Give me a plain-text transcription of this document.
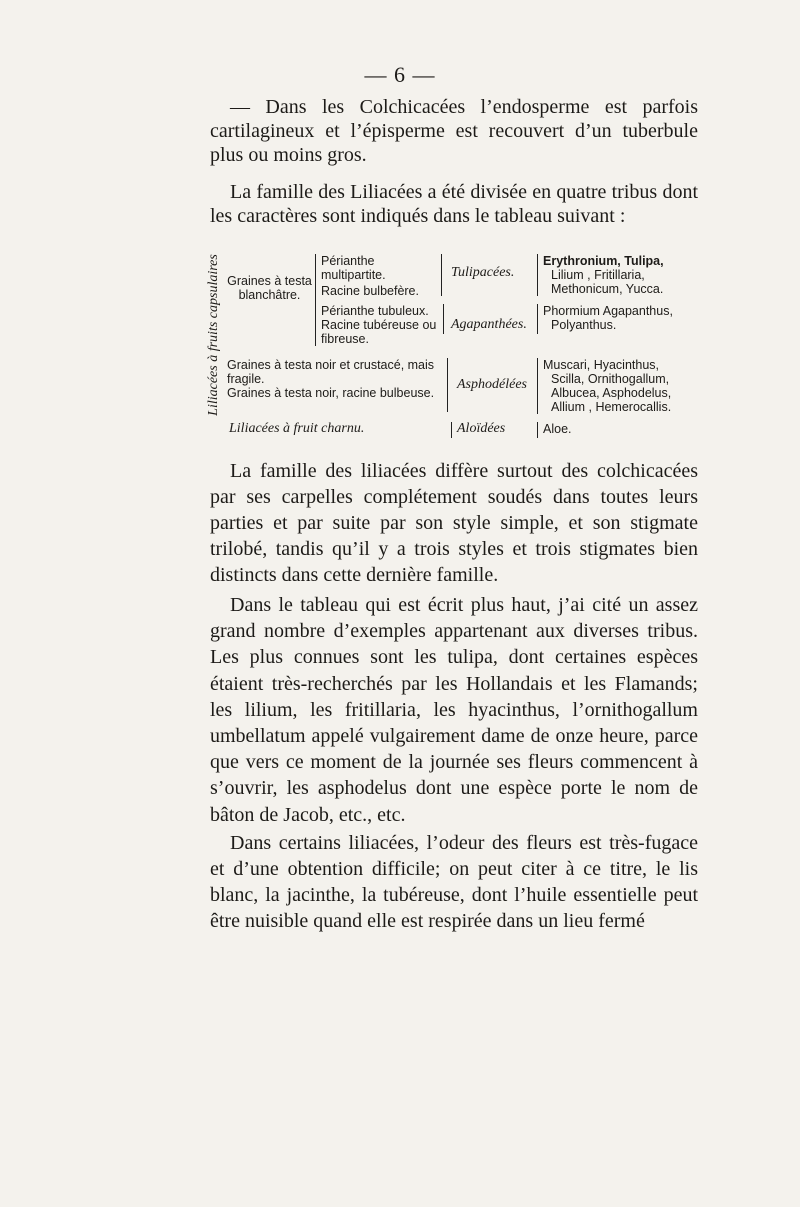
— 6 —

— Dans les Colchicacées l’endosperme est parfois cartilagineux et l’épisperme est recouvert d’un tuberbule plus ou moins gros.

La famille des Liliacées a été divisée en quatre tribus dont les caractères sont indiqués dans le tableau suivant :

Liliacées à fruits capsulaires Graines à testa blanchâtre.
Périanthe multipartite.
Racine bulbefère.
Périanthe tubuleux.
Racine tubéreuse ou fibreuse.
Tulipacées.
Agapanthées.
Erythronium, Tulipa,
Lilium , Fritillaria,
Methonicum, Yucca.
Phormium Agapanthus,
Polyanthus.
Graines à testa noir et crustacé, mais fragile.
Graines à testa noir, racine bulbeuse.
Asphodélées
Muscari, Hyacinthus,
Scilla, Ornithogallum,
Albucea, Asphodelus,
Allium , Hemerocallis.
Liliacées à fruit charnu.	Aloïdées	Aloe.

La famille des liliacées diffère surtout des colchicacées par ses carpelles complétement soudés dans toutes leurs parties et par suite par son style simple, et son stigmate trilobé, tandis qu’il y a trois styles et trois stigmates bien distincts dans cette dernière famille.

Dans le tableau qui est écrit plus haut, j’ai cité un assez grand nombre d’exemples appartenant aux diverses tribus. Les plus connues sont les tulipa, dont certaines espèces étaient très-recherchés par les Hollandais et les Flamands; les lilium, les fritillaria, les hyacinthus, l’ornithogallum umbellatum appelé vulgairement dame de onze heure, parce que vers ce moment de la journée ses fleurs commencent à s’ouvrir, les asphodelus dont une espèce porte le nom de bâton de Jacob, etc., etc.

Dans certains liliacées, l’odeur des fleurs est très-fugace et d’une obtention difficile; on peut citer à ce titre, le lis blanc, la jacinthe, la tubéreuse, dont l’huile essentielle peut être nuisible quand elle est respirée dans un lieu fermé
